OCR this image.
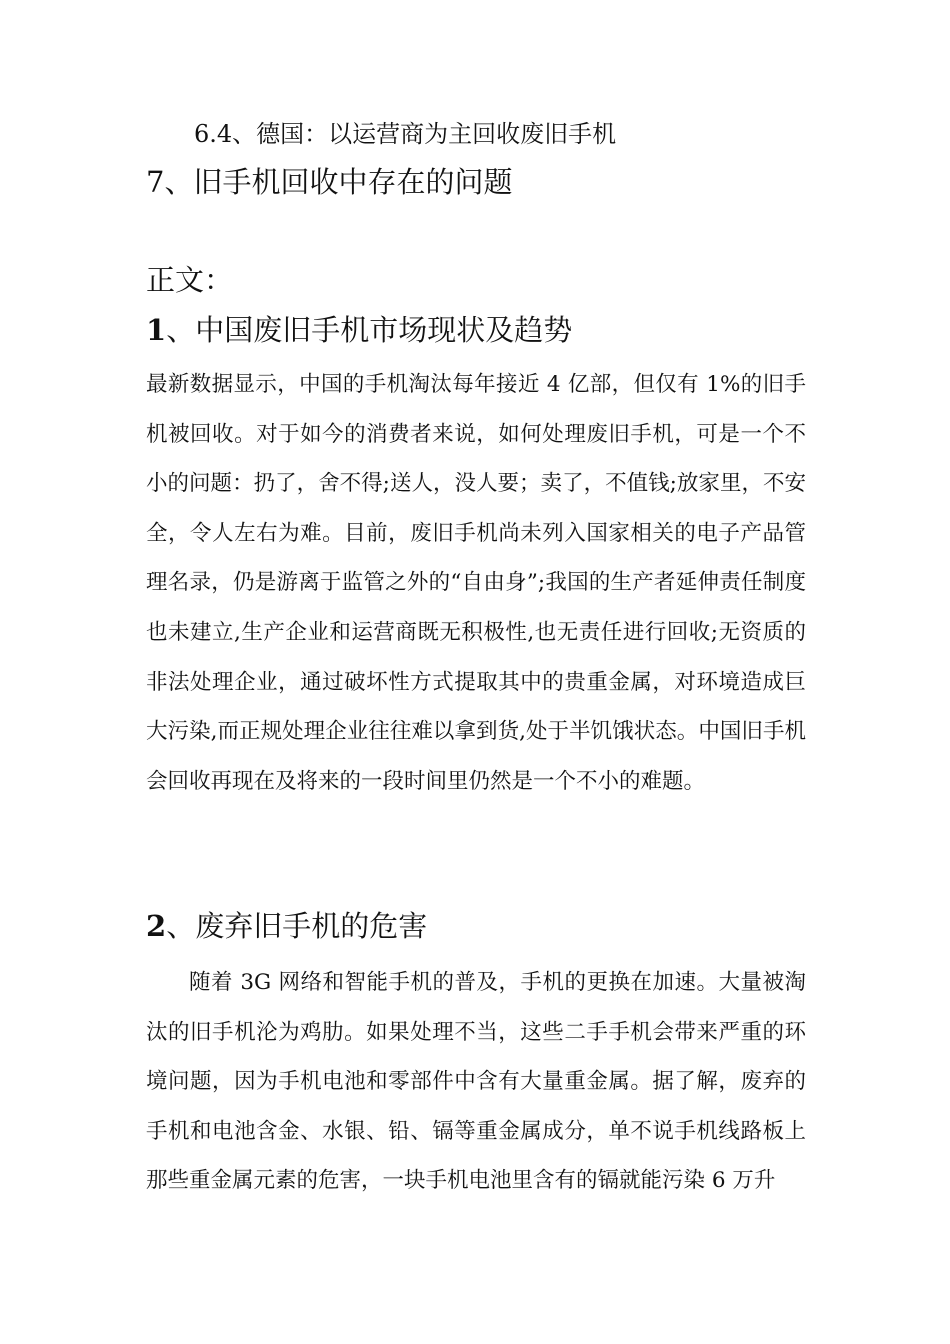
6.4、德国：以运营商为主回收废旧手机
7、旧手机回收中存在的问题
正文：
1、中国废旧手机市场现状及趋势

最新数据显示，中国的手机淘汰每年接近 4 亿部，但仅有 1%的旧手机被回收。对于如今的消费者来说，如何处理废旧手机，可是一个不小的问题：扔了，舍不得;送人，没人要；卖了，不值钱;放家里，不安全，令人左右为难。目前，废旧手机尚未列入国家相关的电子产品管理名录，仍是游离于监管之外的“自由身”;我国的生产者延伸责任制度也未建立,生产企业和运营商既无积极性,也无责任进行回收;无资质的非法处理企业，通过破坏性方式提取其中的贵重金属，对环境造成巨大污染,而正规处理企业往往难以拿到货,处于半饥饿状态。中国旧手机会回收再现在及将来的一段时间里仍然是一个不小的难题。

2、废弃旧手机的危害

随着 3G 网络和智能手机的普及，手机的更换在加速。大量被淘汰的旧手机沦为鸡肋。如果处理不当，这些二手手机会带来严重的环境问题，因为手机电池和零部件中含有大量重金属。据了解，废弃的手机和电池含金、水银、铅、镉等重金属成分，单不说手机线路板上那些重金属元素的危害，一块手机电池里含有的镉就能污染 6 万升
